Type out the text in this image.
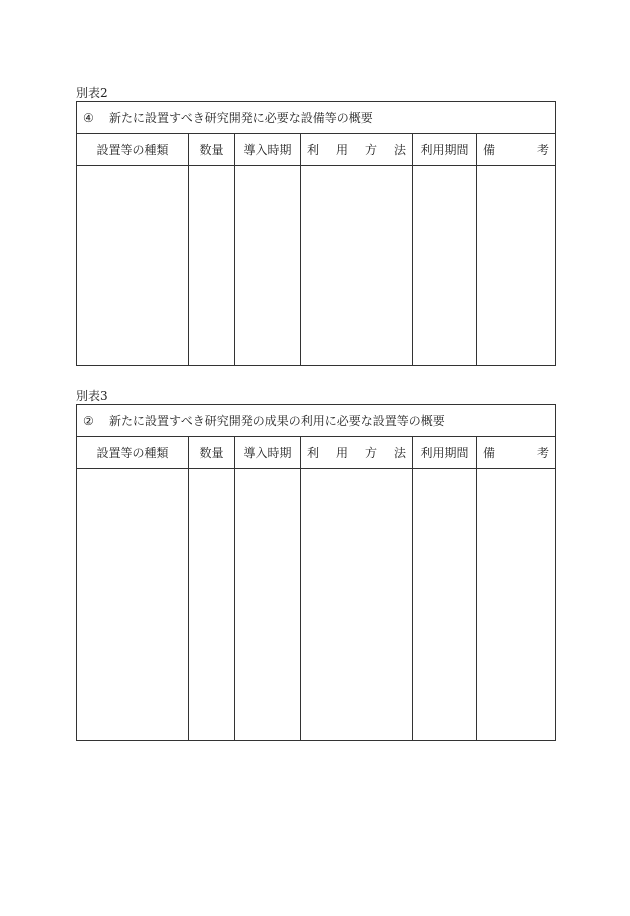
別表2
④	新たに設置すべき研究開発に必要な設備等の概要
設置等の種類	数量	導入時期	利用方法	利用期間	備考
別表3
②	新たに設置すべき研究開発の成果の利用に必要な設置等の概要
設置等の種類	数量	導入時期	利用方法	利用期間	備考
